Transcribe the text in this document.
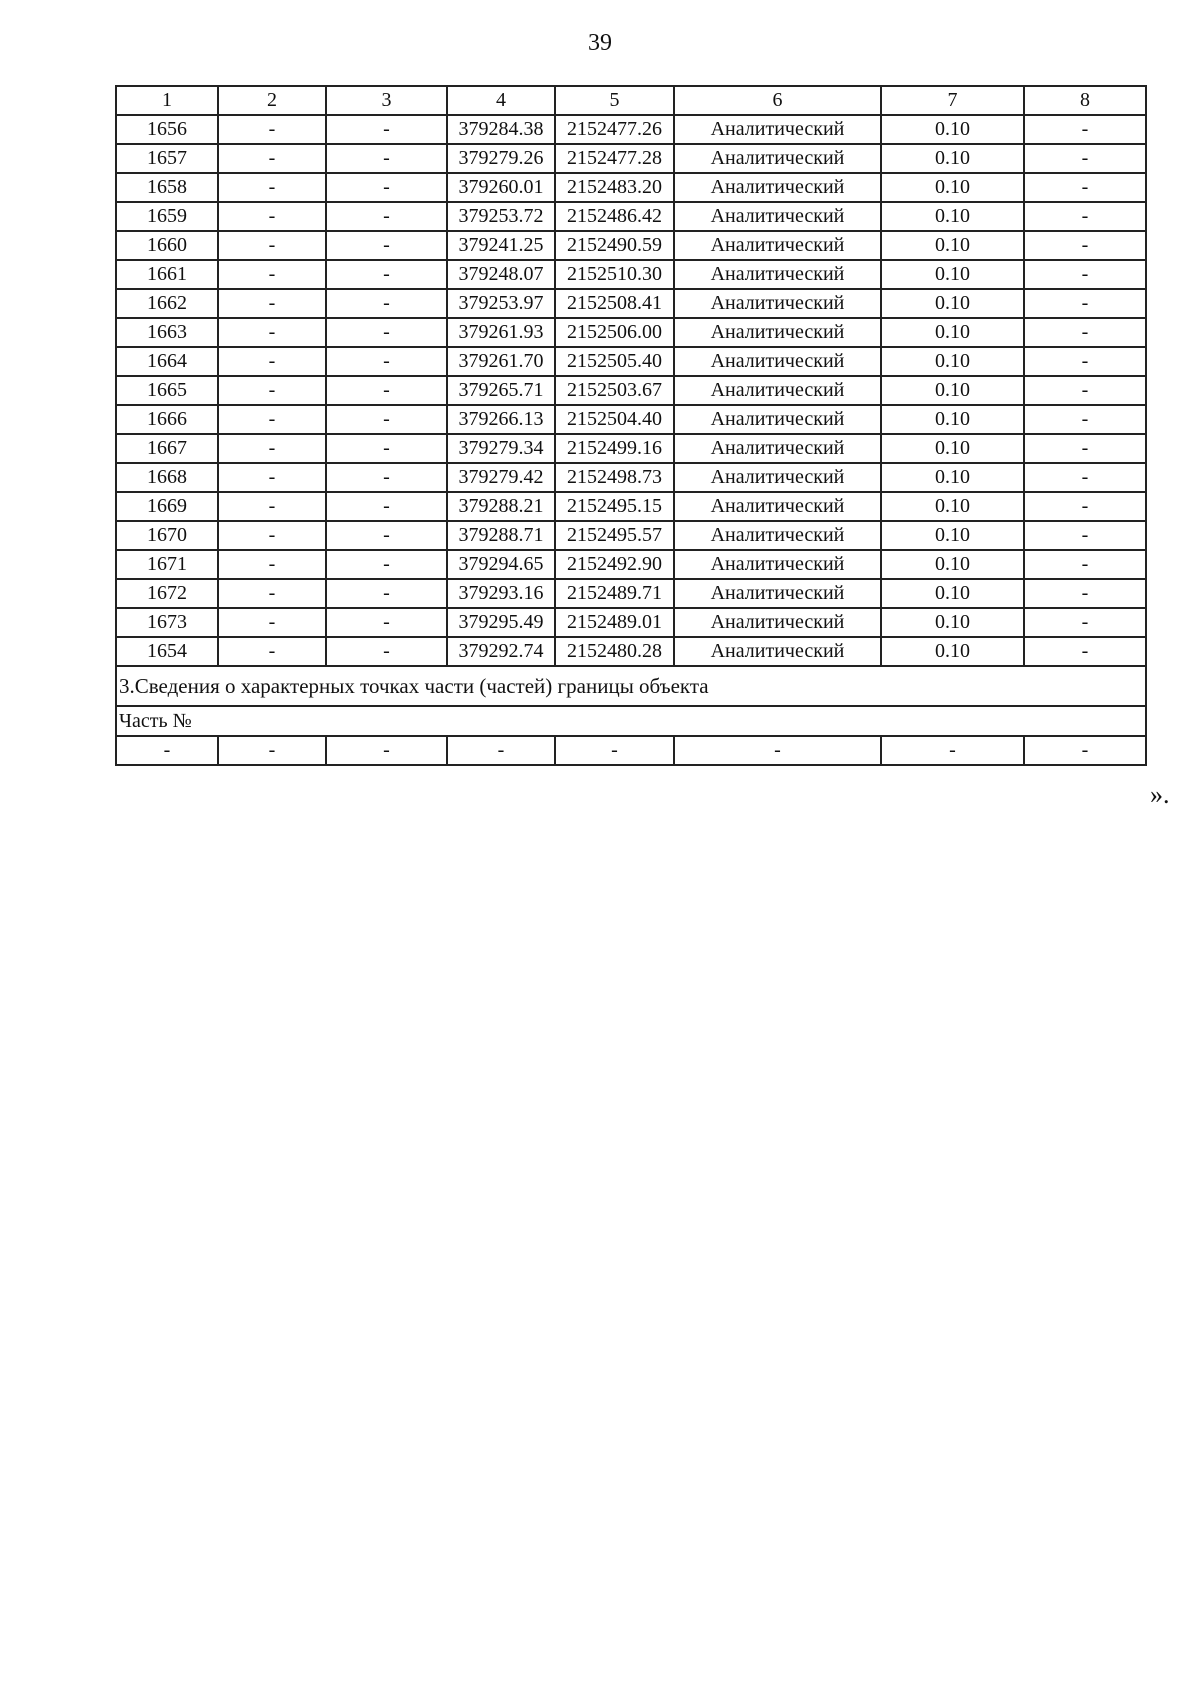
39
1	2	3	4	5	6	7	8
1656	-	-	379284.38	2152477.26	Аналитический	0.10	-
1657	-	-	379279.26	2152477.28	Аналитический	0.10	-
1658	-	-	379260.01	2152483.20	Аналитический	0.10	-
1659	-	-	379253.72	2152486.42	Аналитический	0.10	-
1660	-	-	379241.25	2152490.59	Аналитический	0.10	-
1661	-	-	379248.07	2152510.30	Аналитический	0.10	-
1662	-	-	379253.97	2152508.41	Аналитический	0.10	-
1663	-	-	379261.93	2152506.00	Аналитический	0.10	-
1664	-	-	379261.70	2152505.40	Аналитический	0.10	-
1665	-	-	379265.71	2152503.67	Аналитический	0.10	-
1666	-	-	379266.13	2152504.40	Аналитический	0.10	-
1667	-	-	379279.34	2152499.16	Аналитический	0.10	-
1668	-	-	379279.42	2152498.73	Аналитический	0.10	-
1669	-	-	379288.21	2152495.15	Аналитический	0.10	-
1670	-	-	379288.71	2152495.57	Аналитический	0.10	-
1671	-	-	379294.65	2152492.90	Аналитический	0.10	-
1672	-	-	379293.16	2152489.71	Аналитический	0.10	-
1673	-	-	379295.49	2152489.01	Аналитический	0.10	-
1654	-	-	379292.74	2152480.28	Аналитический	0.10	-
3.Сведения о характерных точках части (частей) границы объекта							
Часть №							
-	-	-	-	-	-	-	-
».
